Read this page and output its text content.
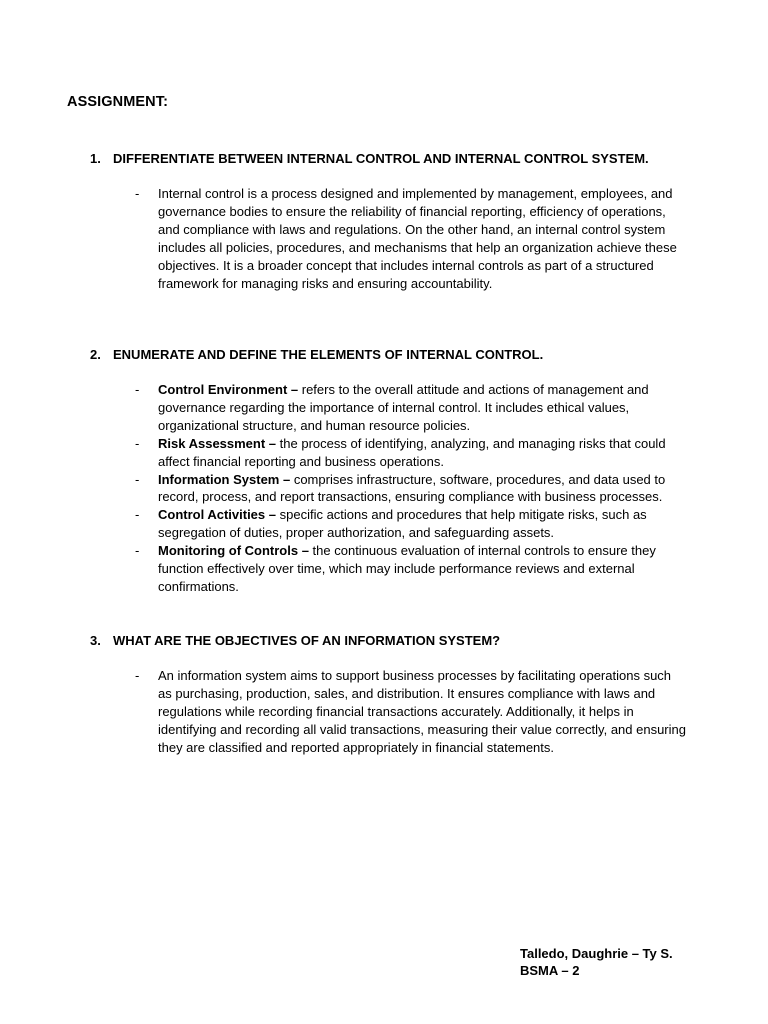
ASSIGNMENT:
1. DIFFERENTIATE BETWEEN INTERNAL CONTROL AND INTERNAL CONTROL SYSTEM.
- Internal control is a process designed and implemented by management, employees, and governance bodies to ensure the reliability of financial reporting, efficiency of operations, and compliance with laws and regulations. On the other hand, an internal control system includes all policies, procedures, and mechanisms that help an organization achieve these objectives. It is a broader concept that includes internal controls as part of a structured framework for managing risks and ensuring accountability.
2. ENUMERATE AND DEFINE THE ELEMENTS OF INTERNAL CONTROL.
- Control Environment – refers to the overall attitude and actions of management and governance regarding the importance of internal control. It includes ethical values, organizational structure, and human resource policies.
- Risk Assessment – the process of identifying, analyzing, and managing risks that could affect financial reporting and business operations.
- Information System – comprises infrastructure, software, procedures, and data used to record, process, and report transactions, ensuring compliance with business processes.
- Control Activities – specific actions and procedures that help mitigate risks, such as segregation of duties, proper authorization, and safeguarding assets.
- Monitoring of Controls – the continuous evaluation of internal controls to ensure they function effectively over time, which may include performance reviews and external confirmations.
3. WHAT ARE THE OBJECTIVES OF AN INFORMATION SYSTEM?
- An information system aims to support business processes by facilitating operations such as purchasing, production, sales, and distribution. It ensures compliance with laws and regulations while recording financial transactions accurately. Additionally, it helps in identifying and recording all valid transactions, measuring their value correctly, and ensuring they are classified and reported appropriately in financial statements.
Talledo, Daughrie – Ty S.
BSMA – 2
